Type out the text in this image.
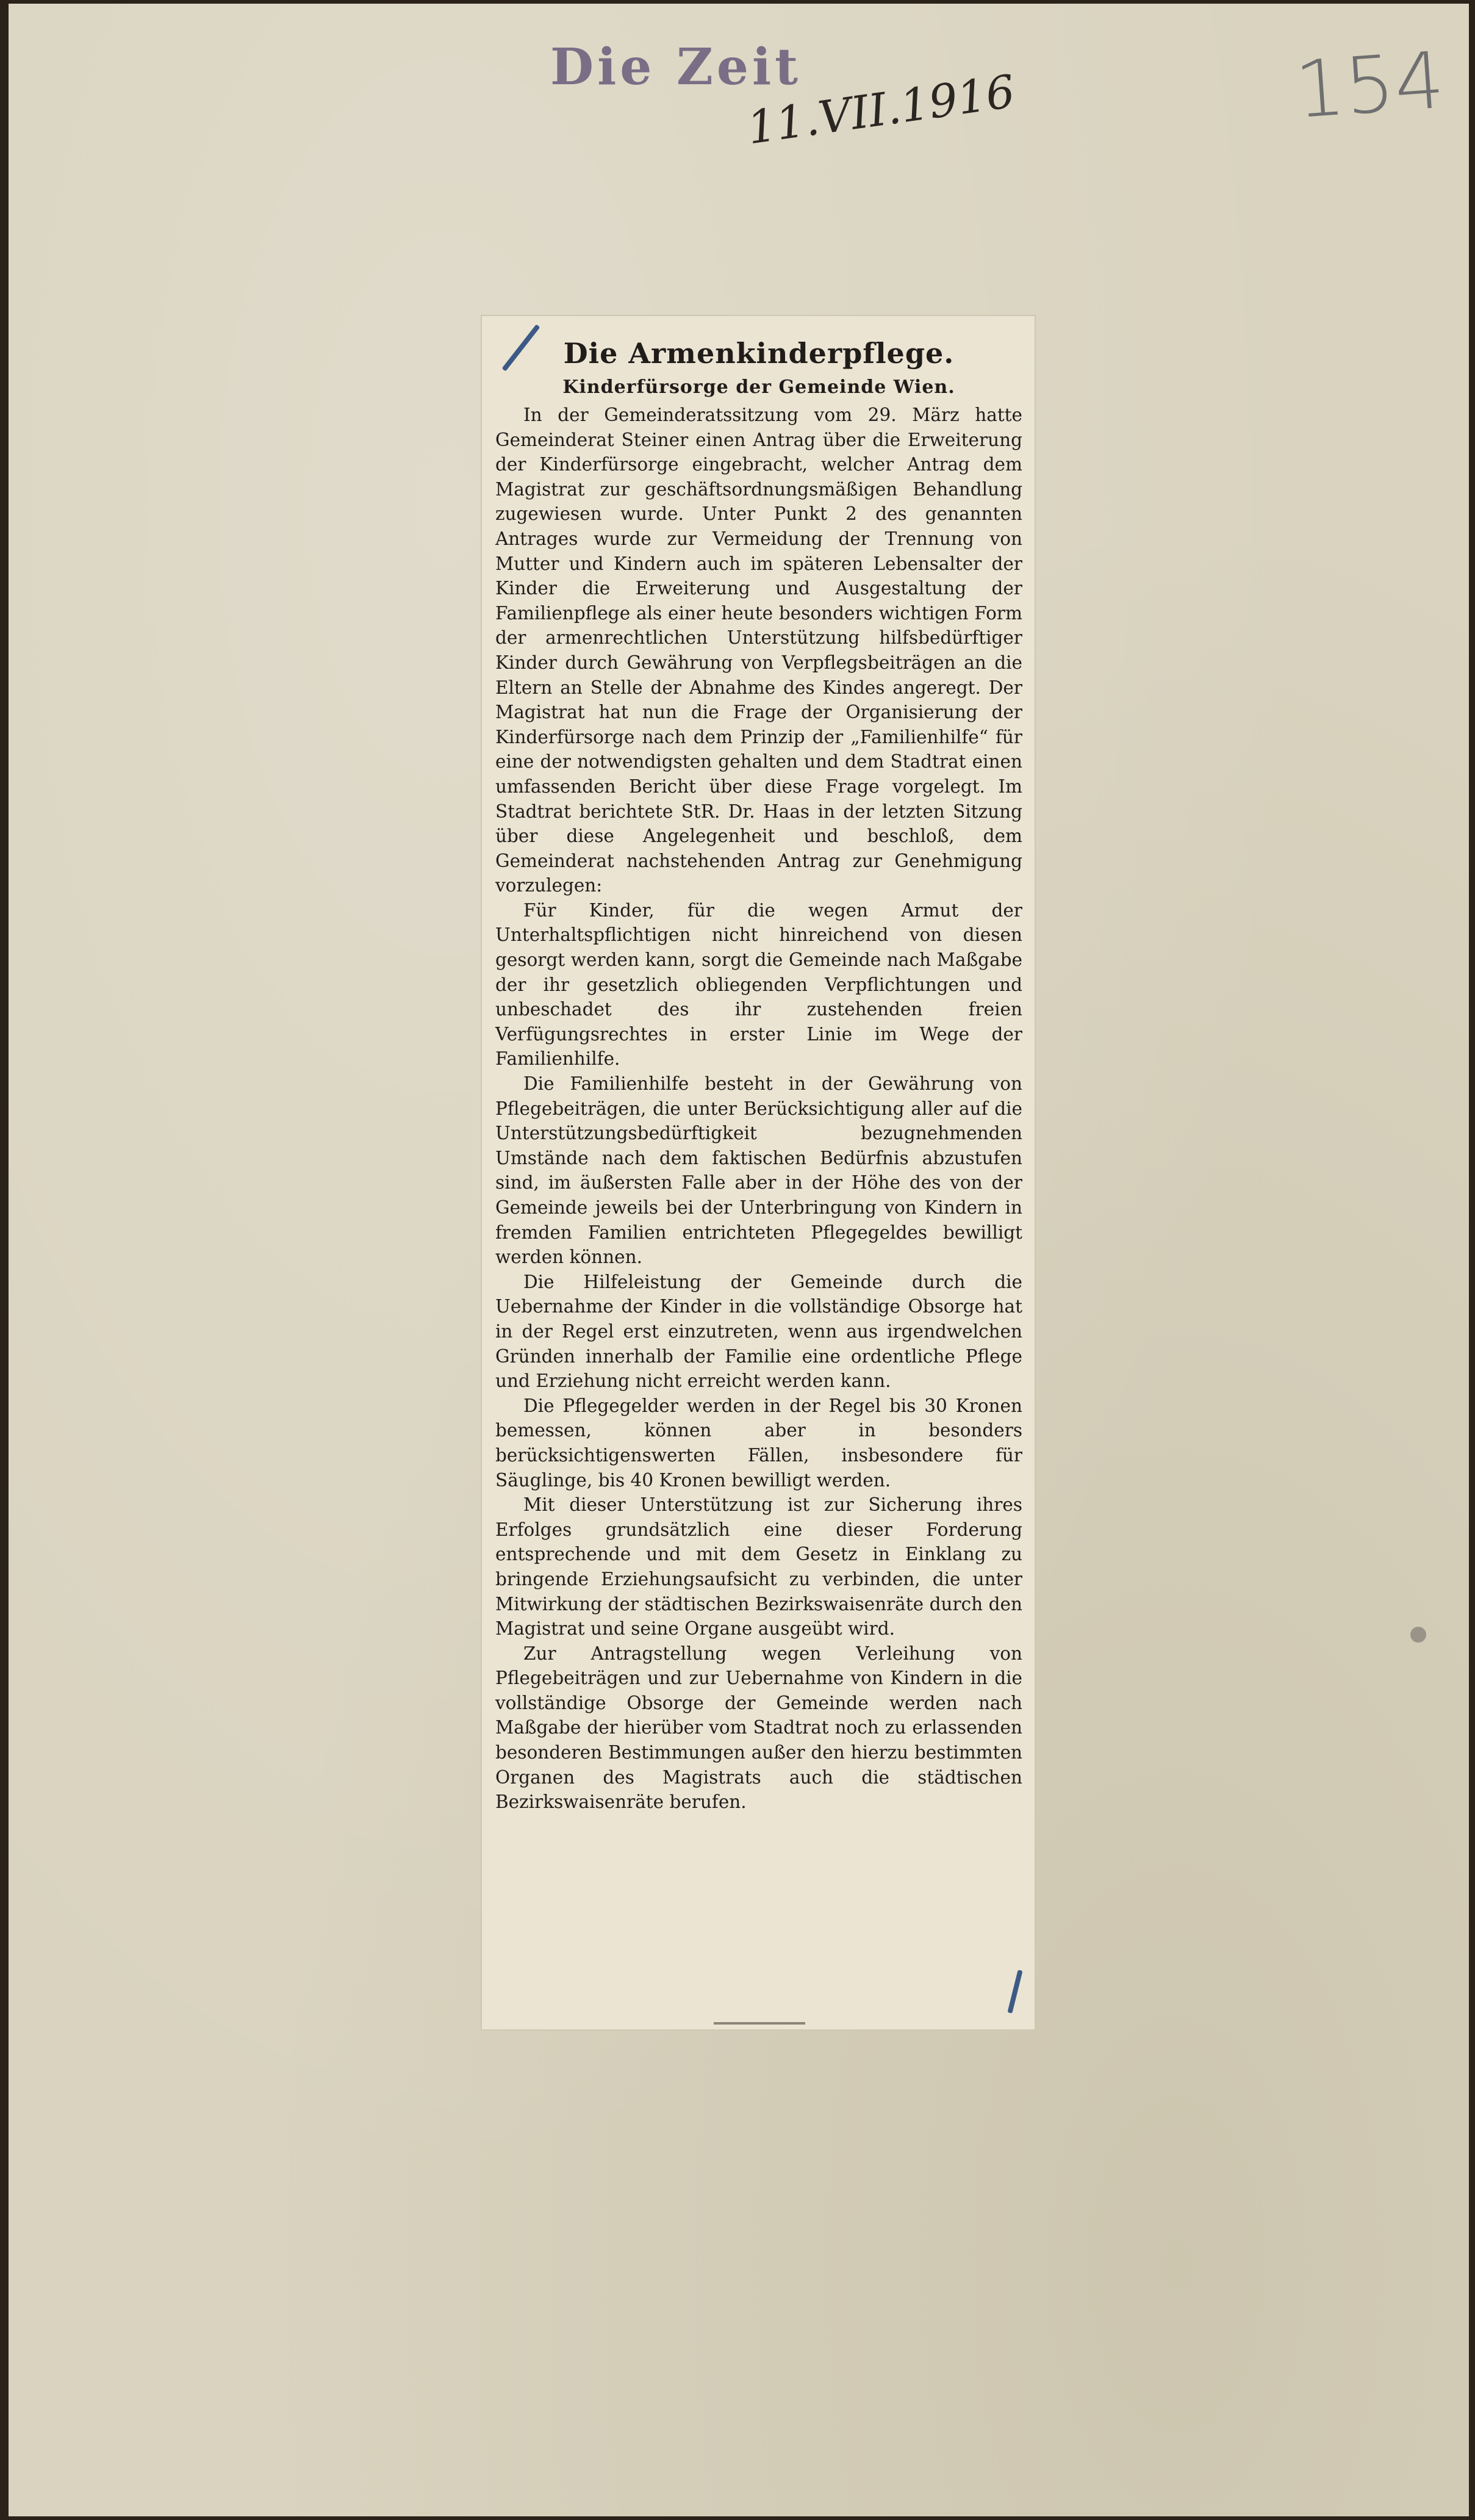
Die Zeit
11.VII.1916	154
Die Armenkinderpflege.
Kinderfürsorge der Gemeinde Wien.

In der Gemeinderatssitzung vom 29. März hatte Gemeinderat Steiner einen Antrag über die Erweiterung der Kinderfürsorge eingebracht, welcher Antrag dem Magistrat zur geschäftsordnungsmäßigen Behandlung zugewiesen wurde. Unter Punkt 2 des genannten Antrages wurde zur Vermeidung der Trennung von Mutter und Kindern auch im späteren Lebensalter der Kinder die Erweiterung und Ausgestaltung der Familienpflege als einer heute besonders wichtigen Form der armenrechtlichen Unterstützung hilfsbedürftiger Kinder durch Gewährung von Verpflegsbeiträgen an die Eltern an Stelle der Abnahme des Kindes angeregt. Der Magistrat hat nun die Frage der Organisierung der Kinderfürsorge nach dem Prinzip der „Familienhilfe“ für eine der notwendigsten gehalten und dem Stadtrat einen umfassenden Bericht über diese Frage vorgelegt. Im Stadtrat berichtete StR. Dr. Haas in der letzten Sitzung über diese Angelegenheit und beschloß, dem Gemeinderat nachstehenden Antrag zur Genehmigung vorzulegen:

Für Kinder, für die wegen Armut der Unterhaltspflichtigen nicht hinreichend von diesen gesorgt werden kann, sorgt die Gemeinde nach Maßgabe der ihr gesetzlich obliegenden Verpflichtungen und unbeschadet des ihr zustehenden freien Verfügungsrechtes in erster Linie im Wege der Familienhilfe.

Die Familienhilfe besteht in der Gewährung von Pflegebeiträgen, die unter Berücksichtigung aller auf die Unterstützungsbedürftigkeit bezugnehmenden Umstände nach dem faktischen Bedürfnis abzustufen sind, im äußersten Falle aber in der Höhe des von der Gemeinde jeweils bei der Unterbringung von Kindern in fremden Familien entrichteten Pflegegeldes bewilligt werden können.

Die Hilfeleistung der Gemeinde durch die Uebernahme der Kinder in die vollständige Obsorge hat in der Regel erst einzutreten, wenn aus irgendwelchen Gründen innerhalb der Familie eine ordentliche Pflege und Erziehung nicht erreicht werden kann.

Die Pflegegelder werden in der Regel bis 30 Kronen bemessen, können aber in besonders berücksichtigenswerten Fällen, insbesondere für Säuglinge, bis 40 Kronen bewilligt werden.

Mit dieser Unterstützung ist zur Sicherung ihres Erfolges grundsätzlich eine dieser Forderung entsprechende und mit dem Gesetz in Einklang zu bringende Erziehungsaufsicht zu verbinden, die unter Mitwirkung der städtischen Bezirkswaisenräte durch den Magistrat und seine Organe ausgeübt wird.

Zur Antragstellung wegen Verleihung von Pflegebeiträgen und zur Uebernahme von Kindern in die vollständige Obsorge der Gemeinde werden nach Maßgabe der hierüber vom Stadtrat noch zu erlassenden besonderen Bestimmungen außer den hierzu bestimmten Organen des Magistrats auch die städtischen Bezirkswaisenräte berufen.
